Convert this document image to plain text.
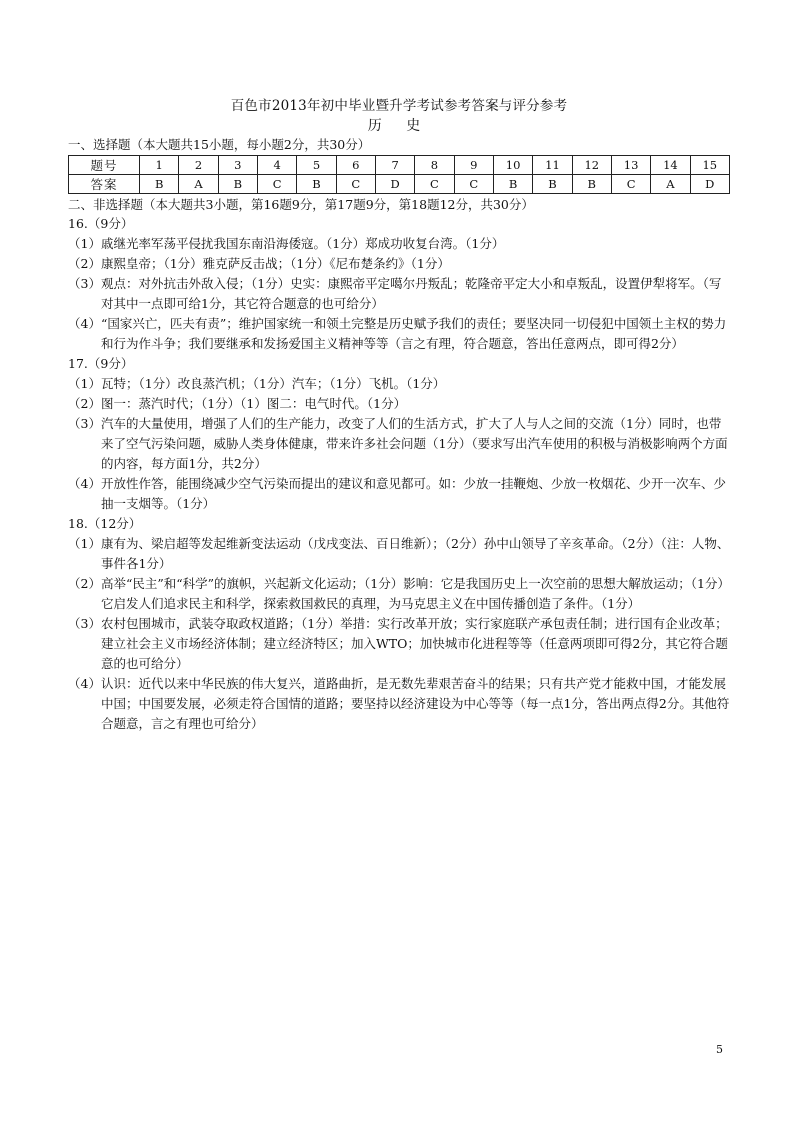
百色市2013年初中毕业暨升学考试参考答案与评分参考
历 史

一、选择题（本大题共15小题，每小题2分，共30分）

题号	1	2	3	4	5	6	7	8	9	10	11	12	13	14	15
答案	B	A	B	C	B	C	D	C	C	B	B	B	C	A	D

二、非选择题（本大题共3小题，第16题9分，第17题9分，第18题12分，共30分）

16.（9分）

（1） 戚继光率军荡平侵扰我国东南沿海倭寇。（1分）郑成功收复台湾。（1分）
（2） 康熙皇帝；（1分）雅克萨反击战；（1分）《尼布楚条约》（1分）
（3） 观点：对外抗击外敌入侵；（1分）史实：康熙帝平定噶尔丹叛乱；乾隆帝平定大小和卓叛乱，设置伊犁将军。（写对其中一点即可给1分，其它符合题意的也可给分）
（4） “国家兴亡，匹夫有责”；维护国家统一和领土完整是历史赋予我们的责任；要坚决同一切侵犯中国领土主权的势力和行为作斗争；我们要继承和发扬爱国主义精神等等（言之有理，符合题意，答出任意两点，即可得2分）

17.（9分）

（1） 瓦特；（1分）改良蒸汽机；（1分）汽车；（1分）飞机。（1分）
（2） 图一：蒸汽时代；（1分）（1）图二：电气时代。（1分）
（3） 汽车的大量使用，增强了人们的生产能力，改变了人们的生活方式，扩大了人与人之间的交流（1分）同时，也带来了空气污染问题，威胁人类身体健康，带来许多社会问题（1分）（要求写出汽车使用的积极与消极影响两个方面的内容，每方面1分，共2分）
（4） 开放性作答，能围绕减少空气污染而提出的建议和意见都可。如：少放一挂鞭炮、少放一枚烟花、少开一次车、少抽一支烟等。（1分）

18.（12分）

（1） 康有为、梁启超等发起维新变法运动（戊戌变法、百日维新）；（2分）孙中山领导了辛亥革命。（2分）（注：人物、事件各1分）
（2） 高举“民主”和“科学”的旗帜，兴起新文化运动；（1分）影响：它是我国历史上一次空前的思想大解放运动；（1分）它启发人们追求民主和科学，探索救国救民的真理，为马克思主义在中国传播创造了条件。（1分）
（3） 农村包围城市，武装夺取政权道路；（1分）举措：实行改革开放；实行家庭联产承包责任制；进行国有企业改革；建立社会主义市场经济体制；建立经济特区；加入WTO；加快城市化进程等等（任意两项即可得2分，其它符合题意的也可给分）
（4） 认识：近代以来中华民族的伟大复兴，道路曲折，是无数先辈艰苦奋斗的结果；只有共产党才能救中国，才能发展中国；中国要发展，必须走符合国情的道路；要坚持以经济建设为中心等等（每一点1分，答出两点得2分。其他符合题意，言之有理也可给分）
5
